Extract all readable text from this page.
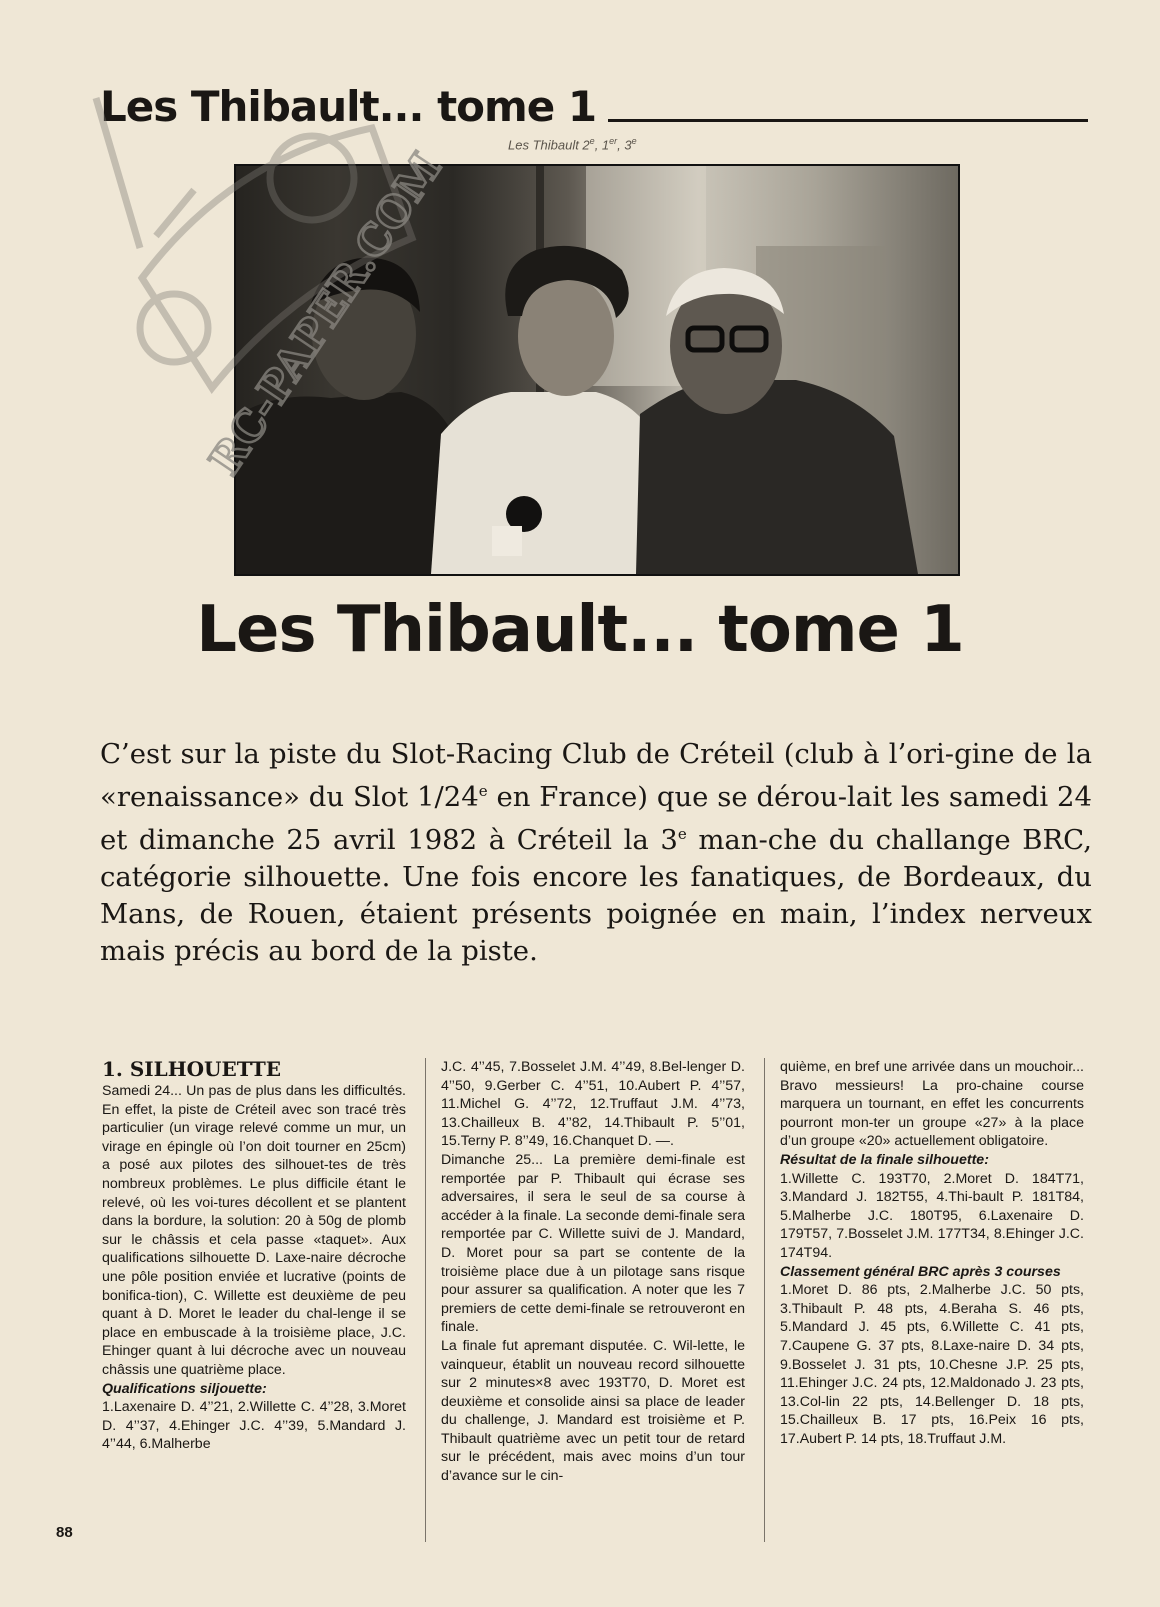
Les Thibault... tome 1
Les Thibault 2e, 1er, 3e
RC-PAPER.COM
Les Thibault... tome 1
C’est sur la piste du Slot-Racing Club de Créteil (club à l’ori-gine de la «renaissance» du Slot 1/24e en France) que se dérou-lait les samedi 24 et dimanche 25 avril 1982 à Créteil la 3e man-che du challange BRC, catégorie silhouette. Une fois encore les fanatiques, de Bordeaux, du Mans, de Rouen, étaient présents poignée en main, l’index nerveux mais précis au bord de la piste.
1. SILHOUETTE

Samedi 24... Un pas de plus dans les difficultés. En effet, la piste de Créteil avec son tracé très particulier (un virage relevé comme un mur, un virage en épingle où l’on doit tourner en 25cm) a posé aux pilotes des silhouet-tes de très nombreux problèmes. Le plus difficile étant le relevé, où les voi-tures décollent et se plantent dans la bordure, la solution: 20 à 50g de plomb sur le châssis et cela passe «taquet». Aux qualifications silhouette D. Laxe-naire décroche une pôle position enviée et lucrative (points de bonifica-tion), C. Willette est deuxième de peu quant à D. Moret le leader du chal-lenge il se place en embuscade à la troisième place, J.C. Ehinger quant à lui décroche avec un nouveau châssis une quatrième place.

Qualifications siljouette:

1.Laxenaire D. 4’’21, 2.Willette C. 4’’28, 3.Moret D. 4’’37, 4.Ehinger J.C. 4’’39, 5.Mandard J. 4’’44, 6.Malherbe

J.C. 4’’45, 7.Bosselet J.M. 4’’49, 8.Bel-lenger D. 4’’50, 9.Gerber C. 4’’51, 10.Aubert P. 4’’57, 11.Michel G. 4’’72, 12.Truffaut J.M. 4’’73, 13.Chailleux B. 4’’82, 14.Thibault P. 5’’01, 15.Terny P. 8’’49, 16.Chanquet D. —.

Dimanche 25... La première demi-finale est remportée par P. Thibault qui écrase ses adversaires, il sera le seul de sa course à accéder à la finale. La seconde demi-finale sera remportée par C. Willette suivi de J. Mandard, D. Moret pour sa part se contente de la troisième place due à un pilotage sans risque pour assurer sa qualification. A noter que les 7 premiers de cette demi-finale se retrouveront en finale.

La finale fut apremant disputée. C. Wil-lette, le vainqueur, établit un nouveau record silhouette sur 2 minutes×8 avec 193T70, D. Moret est deuxième et consolide ainsi sa place de leader du challenge, J. Mandard est troisième et P. Thibault quatrième avec un petit tour de retard sur le précédent, mais avec moins d’un tour d’avance sur le cin-

quième, en bref une arrivée dans un mouchoir... Bravo messieurs! La pro-chaine course marquera un tournant, en effet les concurrents pourront mon-ter un groupe «27» à la place d’un groupe «20» actuellement obligatoire.

Résultat de la finale silhouette:

1.Willette C. 193T70, 2.Moret D. 184T71, 3.Mandard J. 182T55, 4.Thi-bault P. 181T84, 5.Malherbe J.C. 180T95, 6.Laxenaire D. 179T57, 7.Bosselet J.M. 177T34, 8.Ehinger J.C. 174T94.

Classement général BRC après 3 courses

1.Moret D. 86 pts, 2.Malherbe J.C. 50 pts, 3.Thibault P. 48 pts, 4.Beraha S. 46 pts, 5.Mandard J. 45 pts, 6.Willette C. 41 pts, 7.Caupene G. 37 pts, 8.Laxe-naire D. 34 pts, 9.Bosselet J. 31 pts, 10.Chesne J.P. 25 pts, 11.Ehinger J.C. 24 pts, 12.Maldonado J. 23 pts, 13.Col-lin 22 pts, 14.Bellenger D. 18 pts, 15.Chailleux B. 17 pts, 16.Peix 16 pts, 17.Aubert P. 14 pts, 18.Truffaut J.M.

88
